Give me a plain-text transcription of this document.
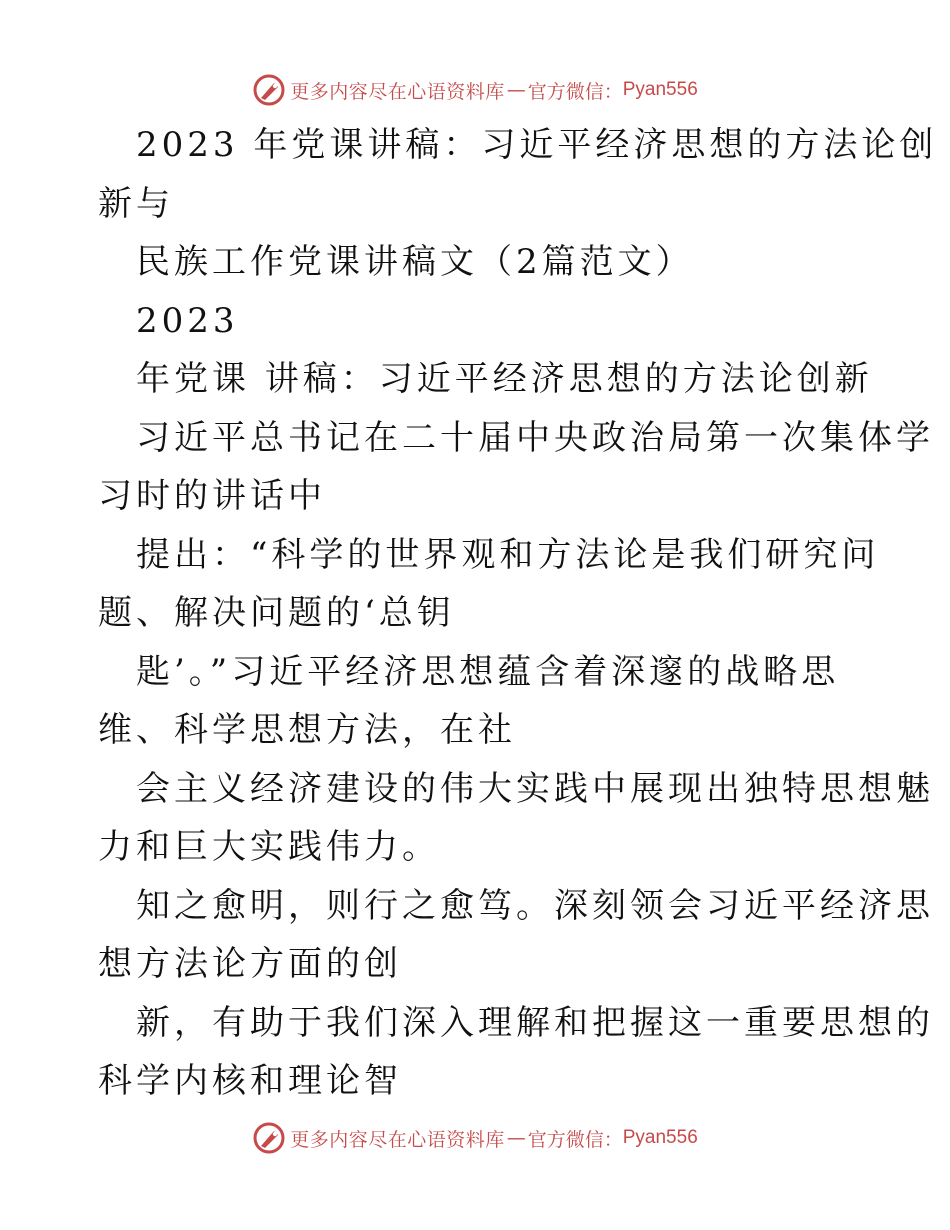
更多内容尽在心语资料库 — 官方微信： Pyan556
2023 年党课讲稿：习近平经济思想的方法论创
新与
民族工作党课讲稿文（2篇范文）
2023
年党课 讲稿：习近平经济思想的方法论创新
习近平总书记在二十届中央政治局第一次集体学
习时的讲话中
提出：“科学的世界观和方法论是我们研究问
题、解决问题的‘总钥
匙’。”习近平经济思想蕴含着深邃的战略思
维、科学思想方法，在社
会主义经济建设的伟大实践中展现出独特思想魅
力和巨大实践伟力。
知之愈明，则行之愈笃。深刻领会习近平经济思
想方法论方面的创
新，有助于我们深入理解和把握这一重要思想的
科学内核和理论智
更多内容尽在心语资料库 — 官方微信： Pyan556
